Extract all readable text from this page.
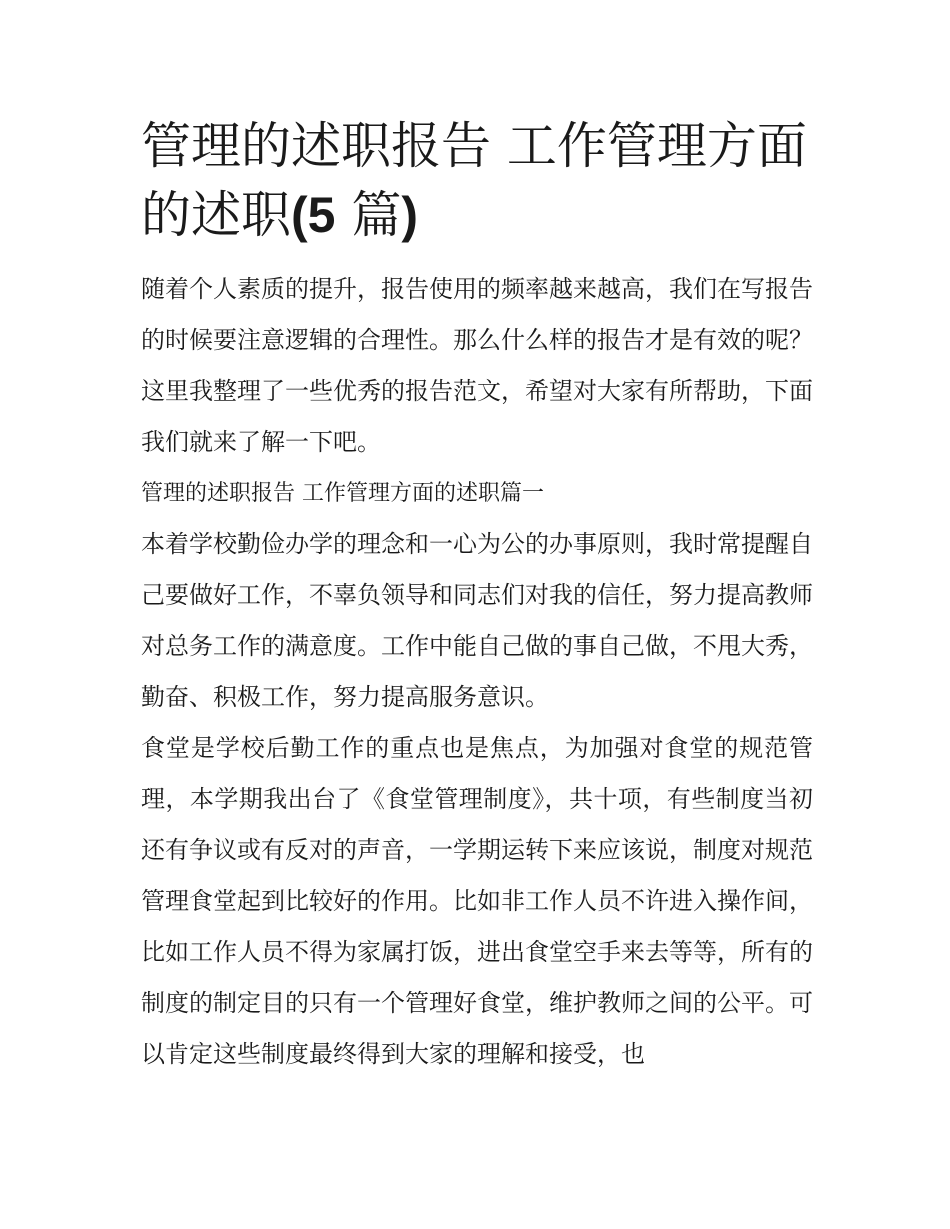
管理的述职报告 工作管理方面的述职(5 篇)

随着个人素质的提升，报告使用的频率越来越高，我们在写报告的时候要注意逻辑的合理性。那么什么样的报告才是有效的呢？这里我整理了一些优秀的报告范文，希望对大家有所帮助，下面我们就来了解一下吧。

管理的述职报告 工作管理方面的述职篇一

本着学校勤俭办学的理念和一心为公的办事原则，我时常提醒自己要做好工作，不辜负领导和同志们对我的信任，努力提高教师对总务工作的满意度。工作中能自己做的事自己做，不甩大秀，勤奋、积极工作，努力提高服务意识。

食堂是学校后勤工作的重点也是焦点，为加强对食堂的规范管理，本学期我出台了《食堂管理制度》，共十项，有些制度当初还有争议或有反对的声音，一学期运转下来应该说，制度对规范管理食堂起到比较好的作用。比如非工作人员不许进入操作间，比如工作人员不得为家属打饭，进出食堂空手来去等等，所有的制度的制定目的只有一个管理好食堂，维护教师之间的公平。可以肯定这些制度最终得到大家的理解和接受，也
